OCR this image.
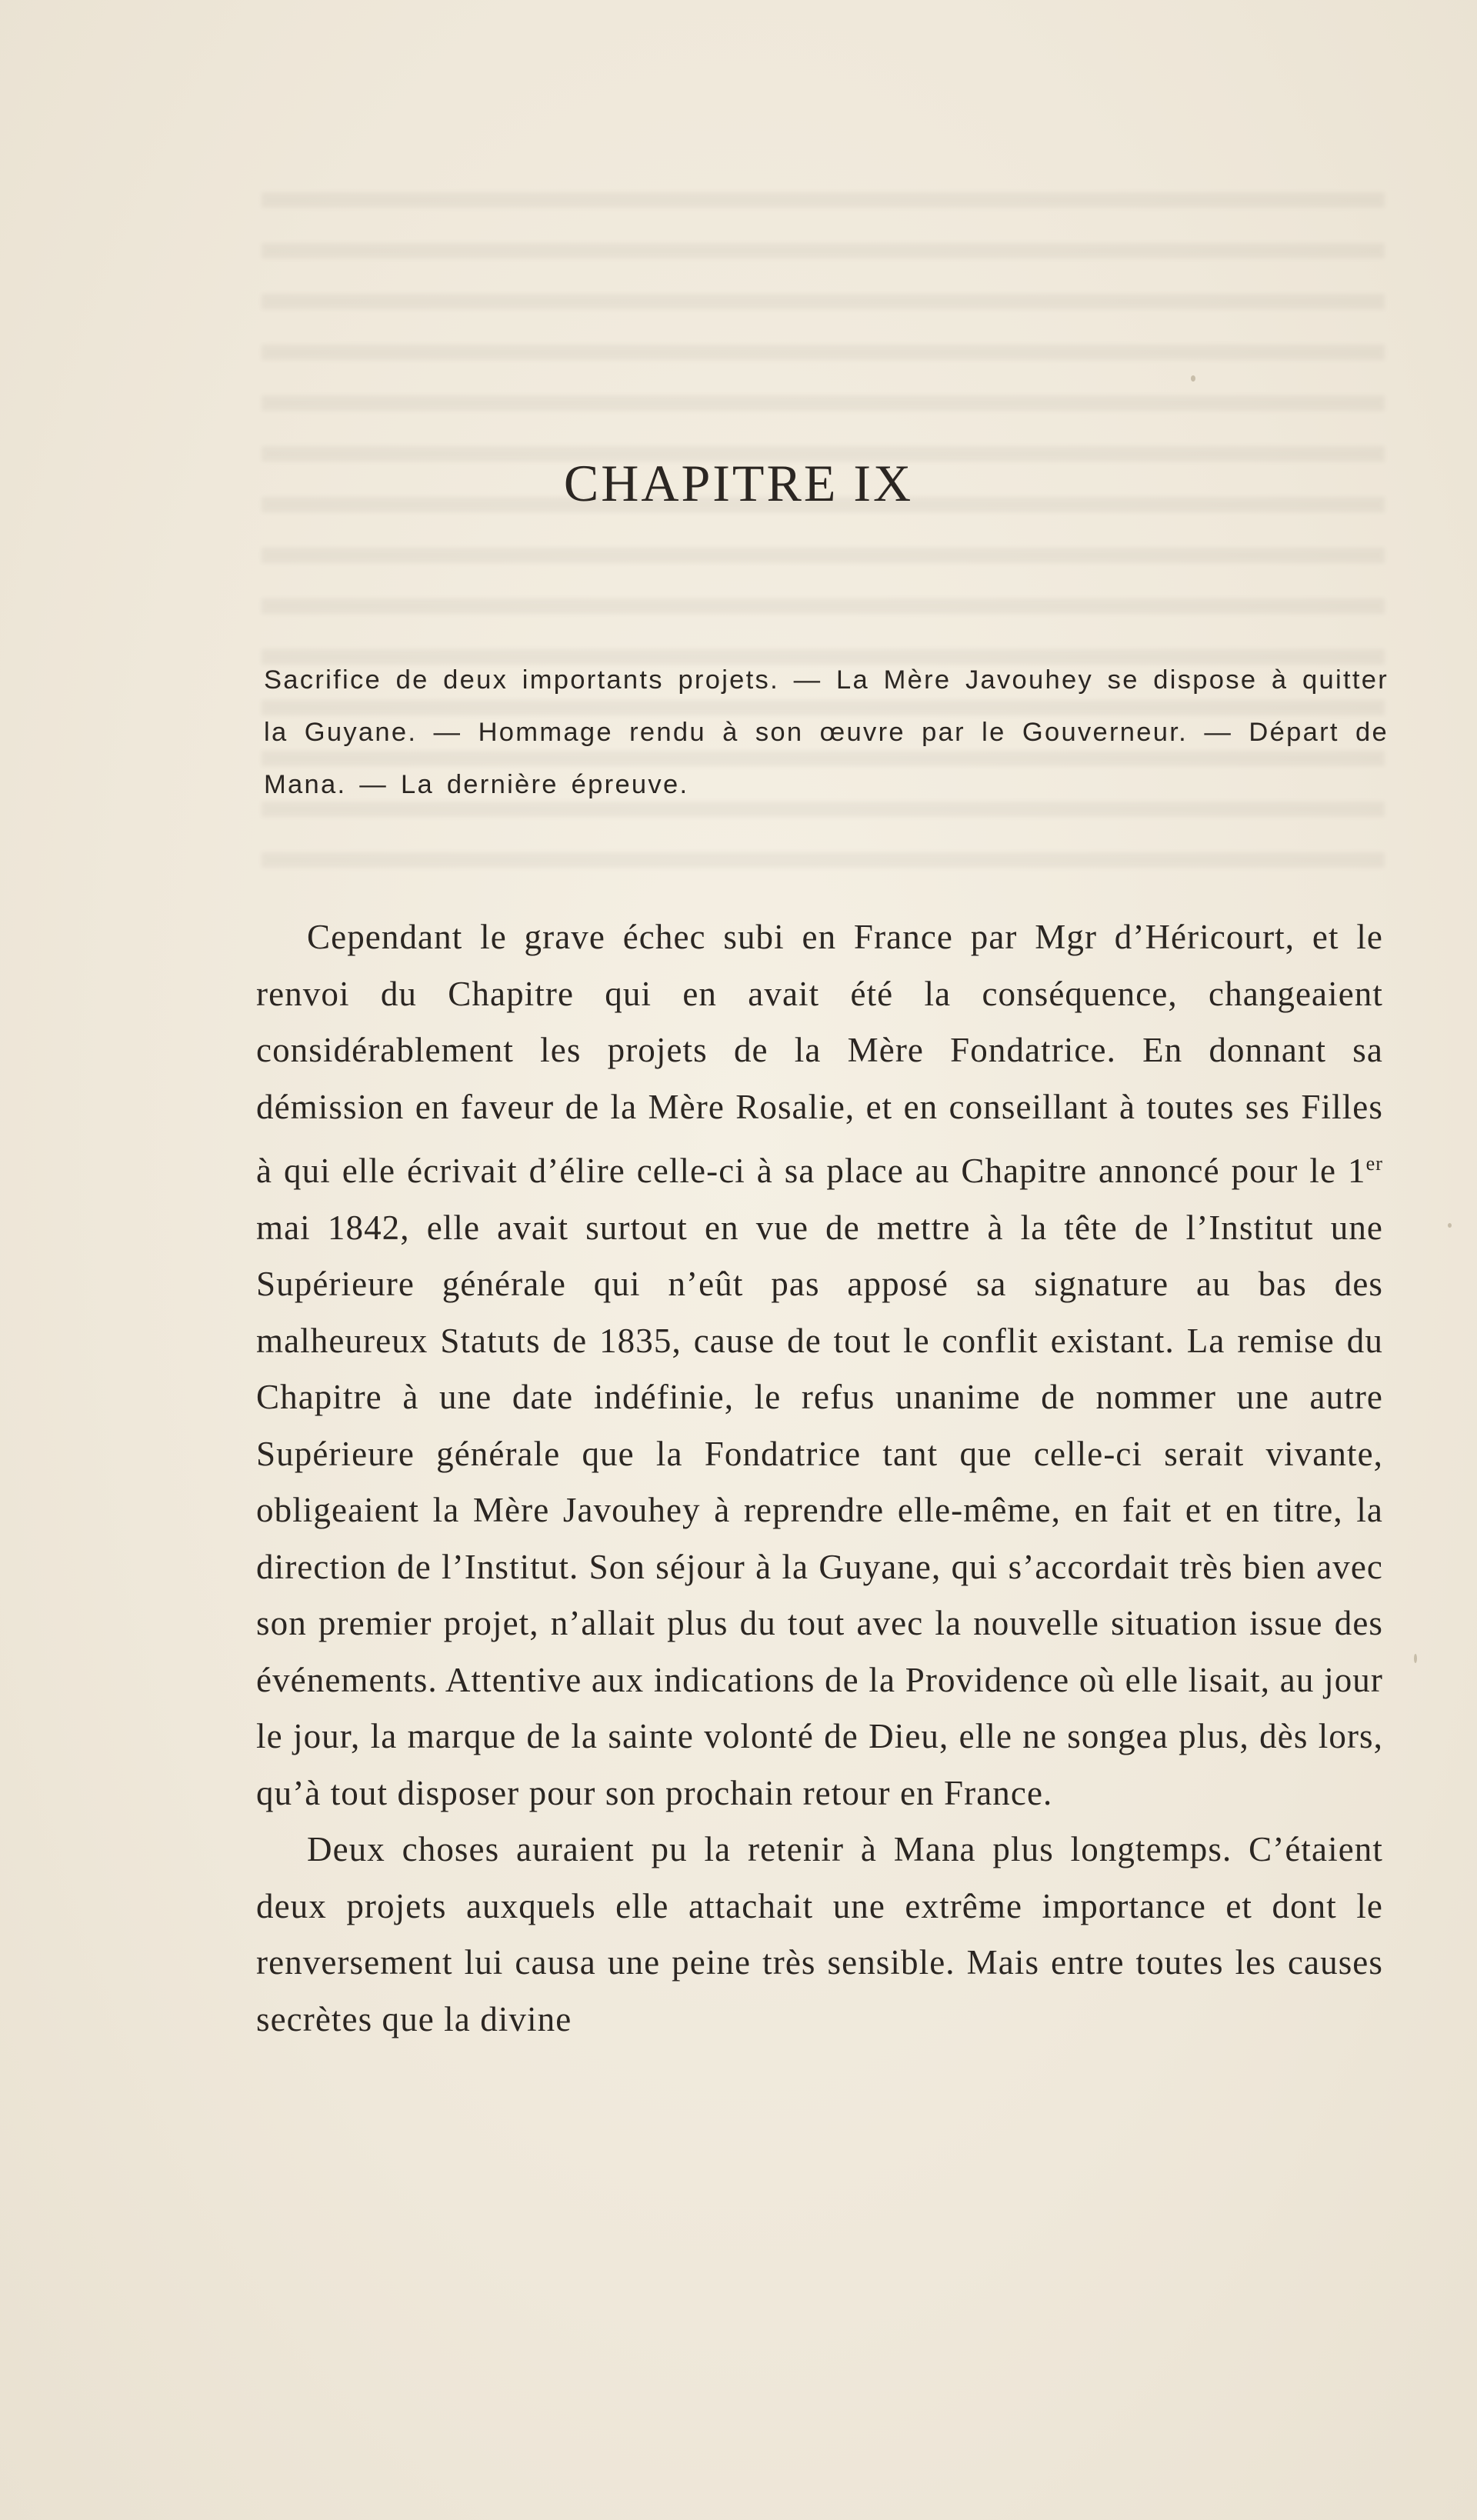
CHAPITRE IX

Sacrifice de deux importants projets. — La Mère Javouhey se dispose à quitter la Guyane. — Hommage rendu à son œuvre par le Gouverneur. — Départ de Mana. — La dernière épreuve.

Cependant le grave échec subi en France par Mgr d’Héricourt, et le renvoi du Chapitre qui en avait été la conséquence, changeaient considérablement les projets de la Mère Fondatrice. En donnant sa démission en faveur de la Mère Rosalie, et en conseillant à toutes ses Filles à qui elle écrivait d’élire celle-ci à sa place au Chapitre annoncé pour le 1er mai 1842, elle avait surtout en vue de mettre à la tête de l’Institut une Supérieure générale qui n’eût pas apposé sa signature au bas des malheureux Statuts de 1835, cause de tout le conflit existant. La remise du Chapitre à une date indéfinie, le refus unanime de nommer une autre Supérieure générale que la Fondatrice tant que celle-ci serait vivante, obligeaient la Mère Javouhey à reprendre elle-même, en fait et en titre, la direction de l’Institut. Son séjour à la Guyane, qui s’accordait très bien avec son premier projet, n’allait plus du tout avec la nouvelle situation issue des événements. Attentive aux indications de la Providence où elle lisait, au jour le jour, la marque de la sainte volonté de Dieu, elle ne songea plus, dès lors, qu’à tout disposer pour son prochain retour en France.

Deux choses auraient pu la retenir à Mana plus longtemps. C’étaient deux projets auxquels elle attachait une extrême importance et dont le renversement lui causa une peine très sensible. Mais entre toutes les causes secrètes que la divine
